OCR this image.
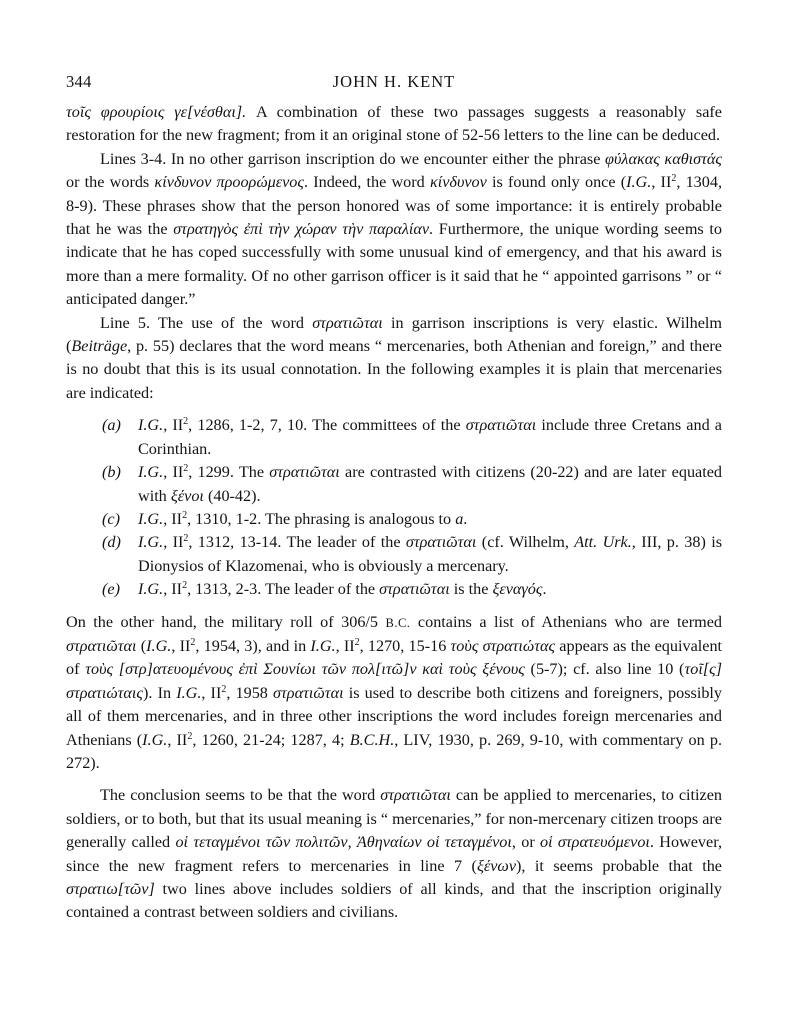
344	JOHN H. KENT

τοῖς φρουρίοις γε[νέσθαι]. A combination of these two passages suggests a reasonably safe restoration for the new fragment; from it an original stone of 52-56 letters to the line can be deduced.

Lines 3-4. In no other garrison inscription do we encounter either the phrase φύλακας καθιστάς or the words κίνδυνον προορώμενος. Indeed, the word κίνδυνον is found only once (I.G., $II^2$, 1304, 8-9). These phrases show that the person honored was of some importance: it is entirely probable that he was the στρατηγὸς ἐπὶ τὴν χώραν τὴν παραλίαν. Furthermore, the unique wording seems to indicate that he has coped successfully with some unusual kind of emergency, and that his award is more than a mere formality. Of no other garrison officer is it said that he “ appointed garrisons ” or “ anticipated danger.”

Line 5. The use of the word στρατιῶται in garrison inscriptions is very elastic. Wilhelm (Beiträge, p. 55) declares that the word means “ mercenaries, both Athenian and foreign,” and there is no doubt that this is its usual connotation. In the following examples it is plain that mercenaries are indicated:

(a) I.G., $II^2$, 1286, 1-2, 7, 10. The committees of the στρατιῶται include three Cretans and a Corinthian.
(b) I.G., $II^2$, 1299. The στρατιῶται are contrasted with citizens (20-22) and are later equated with ξένοι (40-42).
(c) I.G., $II^2$, 1310, 1-2. The phrasing is analogous to a.
(d) I.G., $II^2$, 1312, 13-14. The leader of the στρατιῶται (cf. Wilhelm, Att. Urk., III, p. 38) is Dionysios of Klazomenai, who is obviously a mercenary.
(e) I.G., $II^2$, 1313, 2-3. The leader of the στρατιῶται is the ξεναγός.

On the other hand, the military roll of 306/5 B.C. contains a list of Athenians who are termed στρατιῶται (I.G., $II^2$, 1954, 3), and in I.G., $II^2$, 1270, 15-16 τοὺς στρατιώτας appears as the equivalent of τοὺς [στρ]ατευομένους ἐπὶ Σουνίωι τῶν πολ[ιτῶ]ν καὶ τοὺς ξένους (5-7); cf. also line 10 (τοῖ[ς] στρατιώταις). In I.G., $II^2$, 1958 στρατιῶται is used to describe both citizens and foreigners, possibly all of them mercenaries, and in three other inscriptions the word includes foreign mercenaries and Athenians (I.G., $II^2$, 1260, 21-24; 1287, 4; B.C.H., LIV, 1930, p. 269, 9-10, with commentary on p. 272).

The conclusion seems to be that the word στρατιῶται can be applied to mercenaries, to citizen soldiers, or to both, but that its usual meaning is “ mercenaries,” for non-mercenary citizen troops are generally called οἱ τεταγμένοι τῶν πολιτῶν, Ἀθηναίων οἱ τεταγμένοι, or οἱ στρατευόμενοι. However, since the new fragment refers to mercenaries in line 7 (ξένων), it seems probable that the στρατιω[τῶν] two lines above includes soldiers of all kinds, and that the inscription originally contained a contrast between soldiers and civilians.
